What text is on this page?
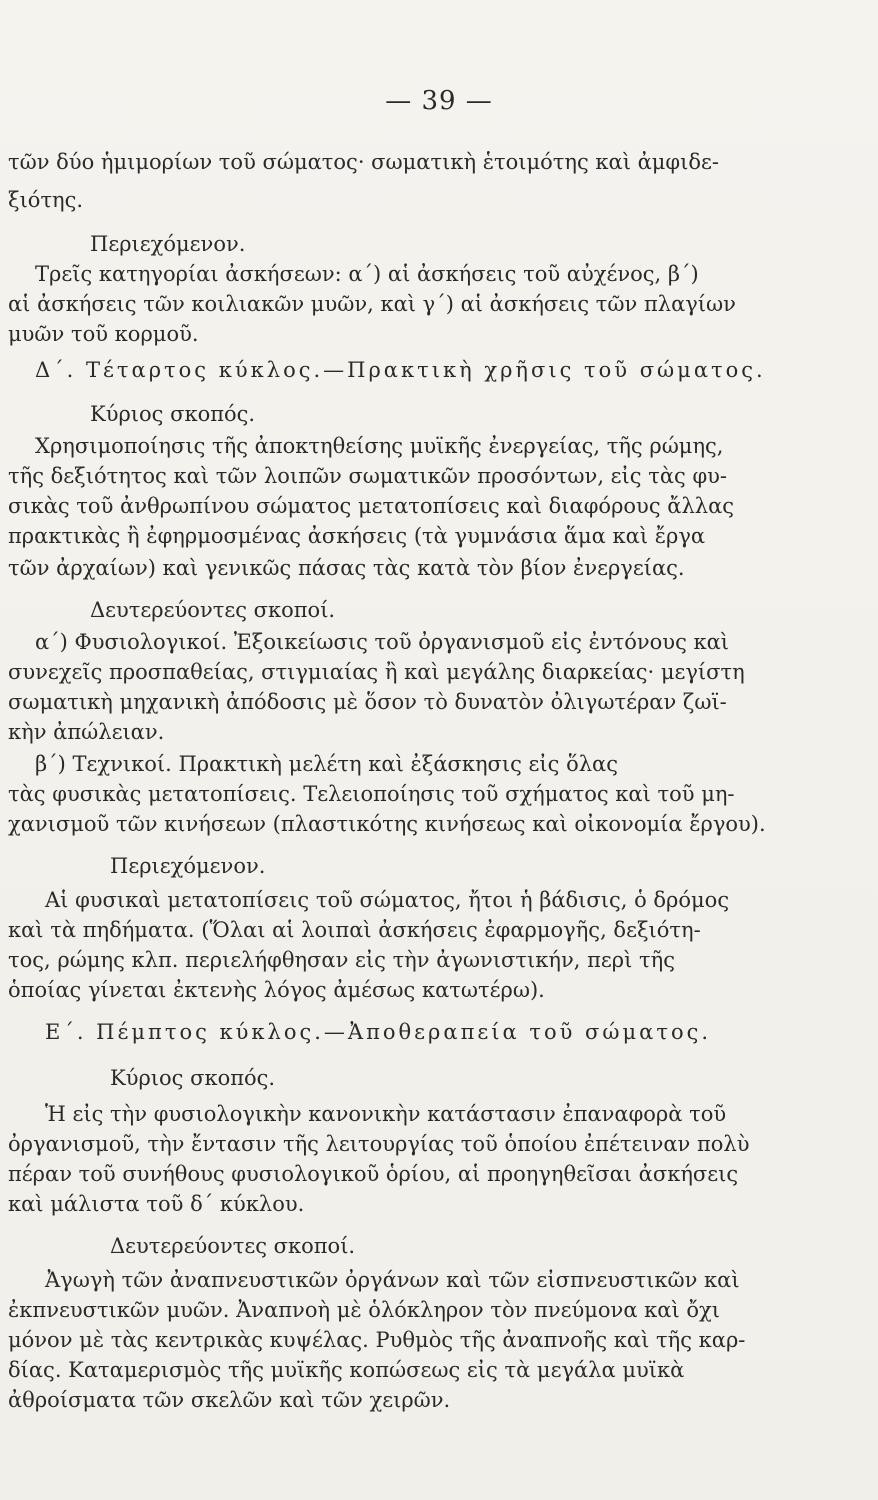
— 39 —
τῶν δύο ἡμιμορίων τοῦ σώματος· σωματικὴ ἑτοιμότης καὶ ἀμφιδε-
ξιότης.
Περιεχόμενον.
Τρεῖς κατηγορίαι ἀσκήσεων: α΄) αἱ ἀσκήσεις τοῦ αὐχένος, β΄)
αἱ ἀσκήσεις τῶν κοιλιακῶν μυῶν, καὶ γ΄) αἱ ἀσκήσεις τῶν πλαγίων
μυῶν τοῦ κορμοῦ.
Δ΄. Τέταρτος κύκλος.—Πρακτικὴ χρῆσις τοῦ σώματος.
Κύριος σκοπός.
Χρησιμοποίησις τῆς ἀποκτηθείσης μυϊκῆς ἐνεργείας, τῆς ρώμης,
τῆς δεξιότητος καὶ τῶν λοιπῶν σωματικῶν προσόντων, εἰς τὰς φυ-
σικὰς τοῦ ἀνθρωπίνου σώματος μετατοπίσεις καὶ διαφόρους ἄλλας
πρακτικὰς ἢ ἐφηρμοσμένας ἀσκήσεις (τὰ γυμνάσια ἅμα καὶ ἔργα
τῶν ἀρχαίων) καὶ γενικῶς πάσας τὰς κατὰ τὸν βίον ἐνεργείας.
Δευτερεύοντες σκοποί.
α΄) Φυσιολογικοί. Ἐξοικείωσις τοῦ ὀργανισμοῦ εἰς ἐντόνους καὶ
συνεχεῖς προσπαθείας, στιγμιαίας ἢ καὶ μεγάλης διαρκείας· μεγίστη
σωματικὴ μηχανικὴ ἀπόδοσις μὲ ὅσον τὸ δυνατὸν ὀλιγωτέραν ζωϊ-
κὴν ἀπώλειαν.
β΄) Τεχνικοί. Πρακτικὴ μελέτη καὶ ἐξάσκησις εἰς ὅλας
τὰς φυσικὰς μετατοπίσεις. Τελειοποίησις τοῦ σχήματος καὶ τοῦ μη-
χανισμοῦ τῶν κινήσεων (πλαστικότης κινήσεως καὶ οἰκονομία ἔργου).
Περιεχόμενον.
Αἱ φυσικαὶ μετατοπίσεις τοῦ σώματος, ἤτοι ἡ βάδισις, ὁ δρόμος
καὶ τὰ πηδήματα. (Ὅλαι αἱ λοιπαὶ ἀσκήσεις ἐφαρμογῆς, δεξιότη-
τος, ρώμης κλπ. περιελήφθησαν εἰς τὴν ἀγωνιστικήν, περὶ τῆς
ὁποίας γίνεται ἐκτενὴς λόγος ἀμέσως κατωτέρω).
Ε΄. Πέμπτος κύκλος.—Ἀποθεραπεία τοῦ σώματος.
Κύριος σκοπός.
Ἡ εἰς τὴν φυσιολογικὴν κανονικὴν κατάστασιν ἐπαναφορὰ τοῦ
ὀργανισμοῦ, τὴν ἔντασιν τῆς λειτουργίας τοῦ ὁποίου ἐπέτειναν πολὺ
πέραν τοῦ συνήθους φυσιολογικοῦ ὁρίου, αἱ προηγηθεῖσαι ἀσκήσεις
καὶ μάλιστα τοῦ δ΄ κύκλου.
Δευτερεύοντες σκοποί.
Ἀγωγὴ τῶν ἀναπνευστικῶν ὀργάνων καὶ τῶν εἰσπνευστικῶν καὶ
ἐκπνευστικῶν μυῶν. Ἀναπνοὴ μὲ ὁλόκληρον τὸν πνεύμονα καὶ ὄχι
μόνον μὲ τὰς κεντρικὰς κυψέλας. Ρυθμὸς τῆς ἀναπνοῆς καὶ τῆς καρ-
δίας. Καταμερισμὸς τῆς μυϊκῆς κοπώσεως εἰς τὰ μεγάλα μυϊκὰ
ἀθροίσματα τῶν σκελῶν καὶ τῶν χειρῶν.
